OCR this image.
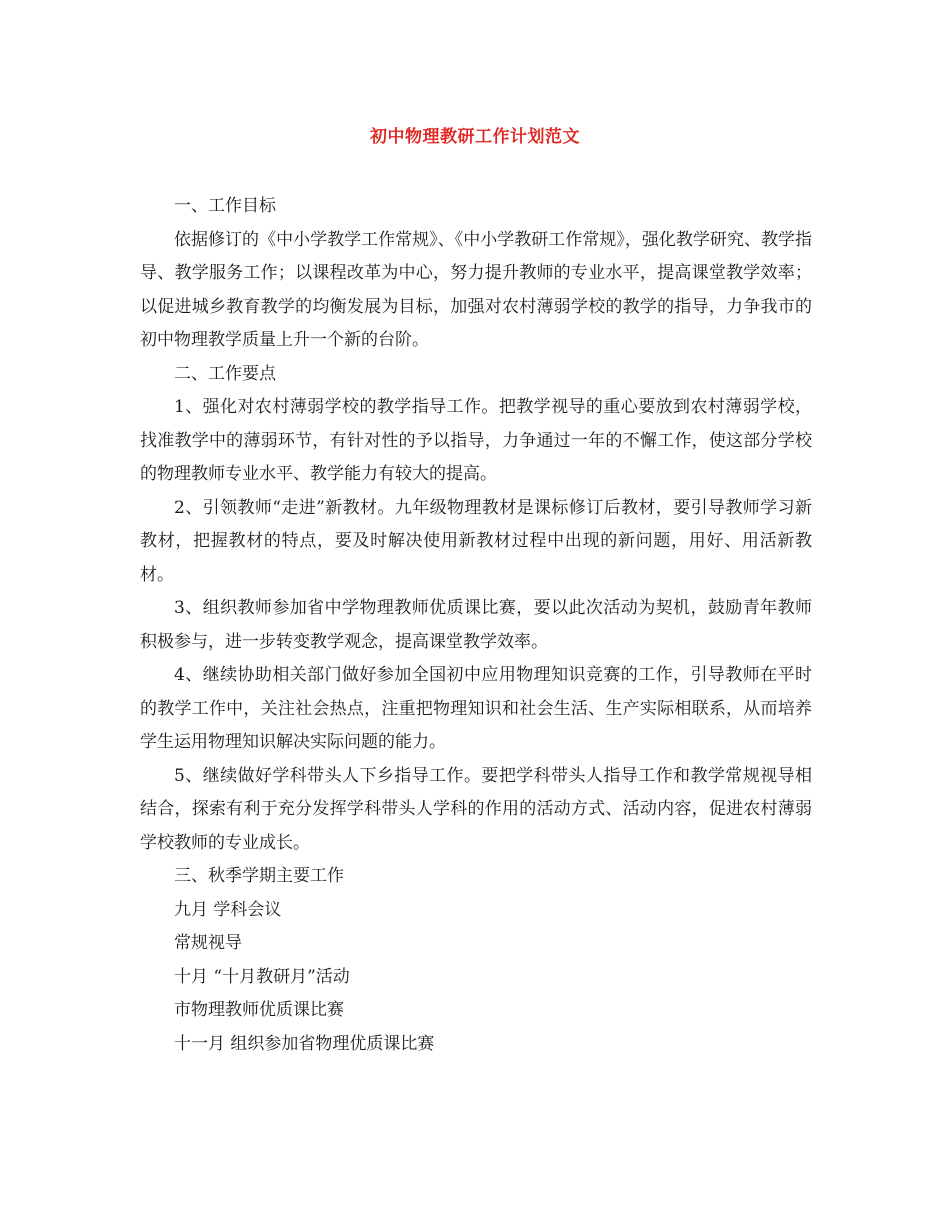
初中物理教研工作计划范文

一、工作目标

依据修订的《中小学教学工作常规》、《中小学教研工作常规》，强化教学研究、教学指导、教学服务工作；以课程改革为中心，努力提升教师的专业水平，提高课堂教学效率；以促进城乡教育教学的均衡发展为目标，加强对农村薄弱学校的教学的指导，力争我市的初中物理教学质量上升一个新的台阶。

二、工作要点

1、强化对农村薄弱学校的教学指导工作。把教学视导的重心要放到农村薄弱学校，找准教学中的薄弱环节，有针对性的予以指导，力争通过一年的不懈工作，使这部分学校的物理教师专业水平、教学能力有较大的提高。

2、引领教师“走进”新教材。九年级物理教材是课标修订后教材，要引导教师学习新教材，把握教材的特点，要及时解决使用新教材过程中出现的新问题，用好、用活新教材。

3、组织教师参加省中学物理教师优质课比赛，要以此次活动为契机，鼓励青年教师积极参与，进一步转变教学观念，提高课堂教学效率。

4、继续协助相关部门做好参加全国初中应用物理知识竞赛的工作，引导教师在平时的教学工作中，关注社会热点，注重把物理知识和社会生活、生产实际相联系，从而培养学生运用物理知识解决实际问题的能力。

5、继续做好学科带头人下乡指导工作。要把学科带头人指导工作和教学常规视导相结合，探索有利于充分发挥学科带头人学科的作用的活动方式、活动内容，促进农村薄弱学校教师的专业成长。

三、秋季学期主要工作

九月 学科会议

常规视导

十月 “十月教研月”活动

市物理教师优质课比赛

十一月 组织参加省物理优质课比赛
